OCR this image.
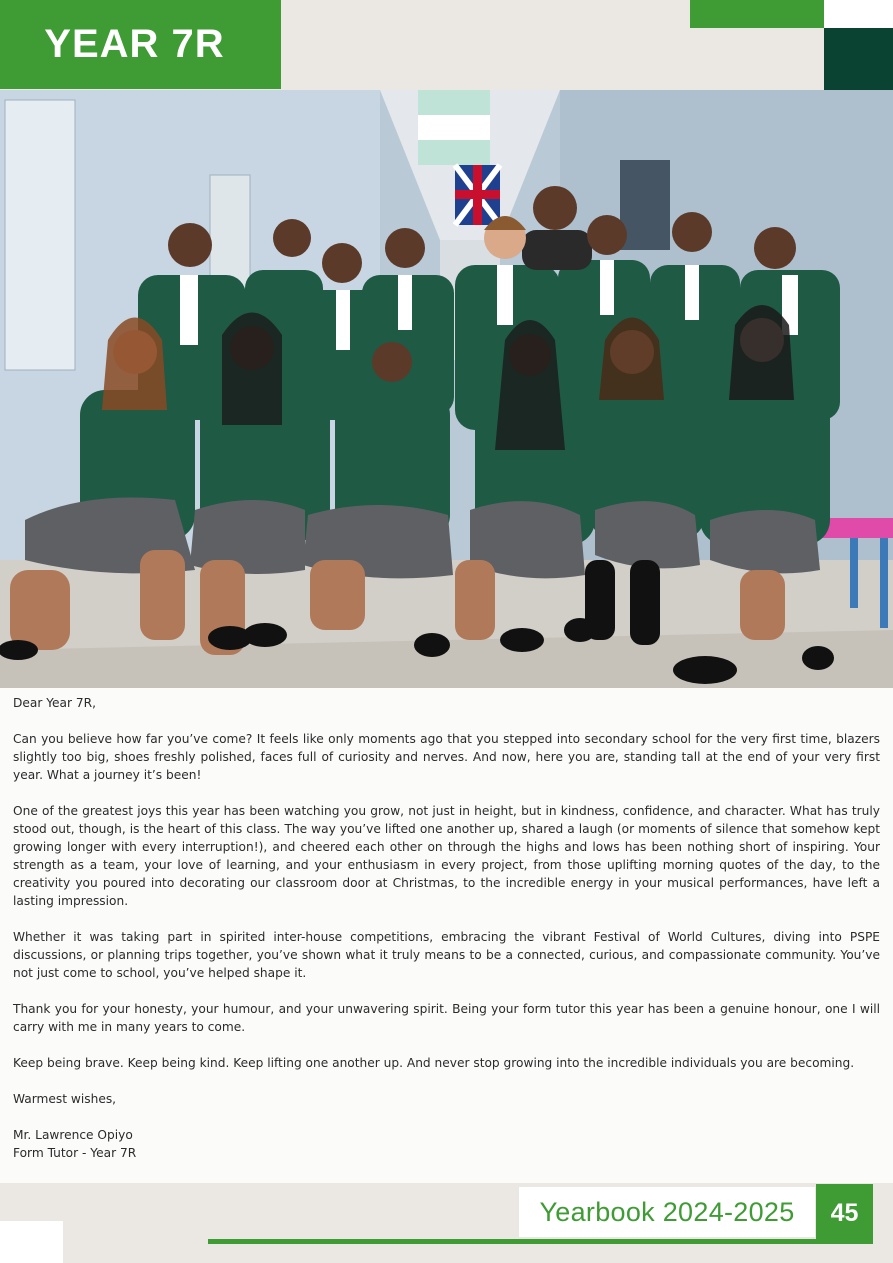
YEAR 7R

Dear Year 7R,

Can you believe how far you’ve come? It feels like only moments ago that you stepped into secondary school for the very first time, blazers slightly too big, shoes freshly polished, faces full of curiosity and nerves. And now, here you are, standing tall at the end of your very first year. What a journey it’s been!

One of the greatest joys this year has been watching you grow, not just in height, but in kindness, confidence, and character. What has truly stood out, though, is the heart of this class. The way you’ve lifted one another up, shared a laugh (or moments of silence that somehow kept growing longer with every interruption!), and cheered each other on through the highs and lows has been nothing short of inspiring. Your strength as a team, your love of learning, and your enthusiasm in every project, from those uplifting morning quotes of the day, to the creativity you poured into decorating our classroom door at Christmas, to the incredible energy in your musical performances, have left a lasting impression.

Whether it was taking part in spirited inter-house competitions, embracing the vibrant Festival of World Cultures, diving into PSPE discussions, or planning trips together, you’ve shown what it truly means to be a connected, curious, and compassionate community. You’ve not just come to school, you’ve helped shape it.

Thank you for your honesty, your humour, and your unwavering spirit. Being your form tutor this year has been a genuine honour, one I will carry with me in many years to come.

Keep being brave. Keep being kind. Keep lifting one another up. And never stop growing into the incredible individuals you are becoming.

Warmest wishes,

Mr. Lawrence Opiyo

Form Tutor - Year 7R

Yearbook 2024-2025 45
